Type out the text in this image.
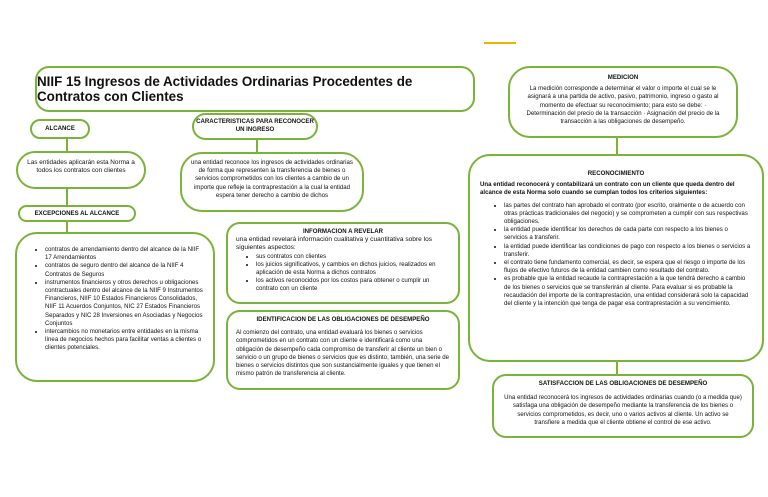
NIIF 15 Ingresos de Actividades Ordinarias Procedentes de Contratos con Clientes
ALCANCE
Las entidades aplicarán esta Norma a todos los contratos con clientes
EXCEPCIONES AL ALCANCE
• contratos de arrendamiento dentro del alcance de la NIIF 17 Arrendamientos
• contratos de seguro dentro del alcance de la NIIF 4 Contratos de Seguros
• instrumentos financieros y otros derechos u obligaciones contractuales dentro del alcance de la NIIF 9 Instrumentos Financieros, NIIF 10 Estados Financieros Consolidados, NIIF 11 Acuerdos Conjuntos, NIC 27 Estados Financieros Separados y NIC 28 Inversiones en Asociadas y Negocios Conjuntos
• intercambios no monetarios entre entidades en la misma línea de negocios hechos para facilitar ventas a clientes o clientes potenciales.
CARACTERISTICAS PARA RECONOCER UN INGRESO
una entidad reconoce los ingresos de actividades ordinarias de forma que representen la transferencia de bienes o servicios comprometidos con los clientes a cambio de un importe que refleje la contraprestación a la cual la entidad espera tener derecho a cambio de dichos
INFORMACION A REVELAR
una entidad revelará información cualitativa y cuantitativa sobre los siguientes aspectos:
• sus contratos con clientes
• los juicios significativos, y cambios en dichos juicios, realizados en aplicación de esta Norma a dichos contratos
• los activos reconocidos por los costos para obtener o cumplir un contrato con un cliente
IDENTIFICACION DE LAS OBLIGACIONES DE DESEMPEÑO
Al comienzo del contrato, una entidad evaluará los bienes o servicios comprometidos en un contrato con un cliente e identificará como una obligación de desempeño cada compromiso de transferir al cliente un bien o servicio o un grupo de bienes o servicios que es distinto, también, una serie de bienes o servicios distintos que son sustancialmente iguales y que tienen el mismo patrón de transferencia al cliente.
MEDICION
La medición corresponde a determinar el valor o importe el cual se le asignará a una partida de activo, pasivo, patrimonio, ingreso o gasto al momento de efectuar su reconocimiento; para esto se debe: · Determinación del precio de la transacción · Asignación del precio de la transacción a las obligaciones de desempeño.
RECONOCIMIENTO
Una entidad reconocerá y contabilizará un contrato con un cliente que queda dentro del alcance de esta Norma solo cuando se cumplan todos los criterios siguientes:
• las partes del contrato han aprobado el contrato (por escrito, oralmente o de acuerdo con otras prácticas tradicionales del negocio) y se comprometen a cumplir con sus respectivas obligaciones.
• la entidad puede identificar los derechos de cada parte con respecto a los bienes o servicios a transferir.
• la entidad puede identificar las condiciones de pago con respecto a los bienes o servicios a transferir.
• el contrato tiene fundamento comercial, es decir, se espera que el riesgo o importe de los flujos de efectivo futuros de la entidad cambien como resultado del contrato.
• es probable que la entidad recaude la contraprestación a la que tendrá derecho a cambio de los bienes o servicios que se transferirán al cliente. Para evaluar si es probable la recaudación del importe de la contraprestación, una entidad considerará solo la capacidad del cliente y la intención que tenga de pagar esa contraprestación a su vencimiento.
SATISFACCION DE LAS OBLIGACIONES DE DESEMPEÑO
Una entidad reconocerá los ingresos de actividades ordinarias cuando (o a medida que) satisfaga una obligación de desempeño mediante la transferencia de los bienes o servicios comprometidos, es decir, uno o varios activos al cliente. Un activo se transfiere a medida que el cliente obtiene el control de ese activo.
